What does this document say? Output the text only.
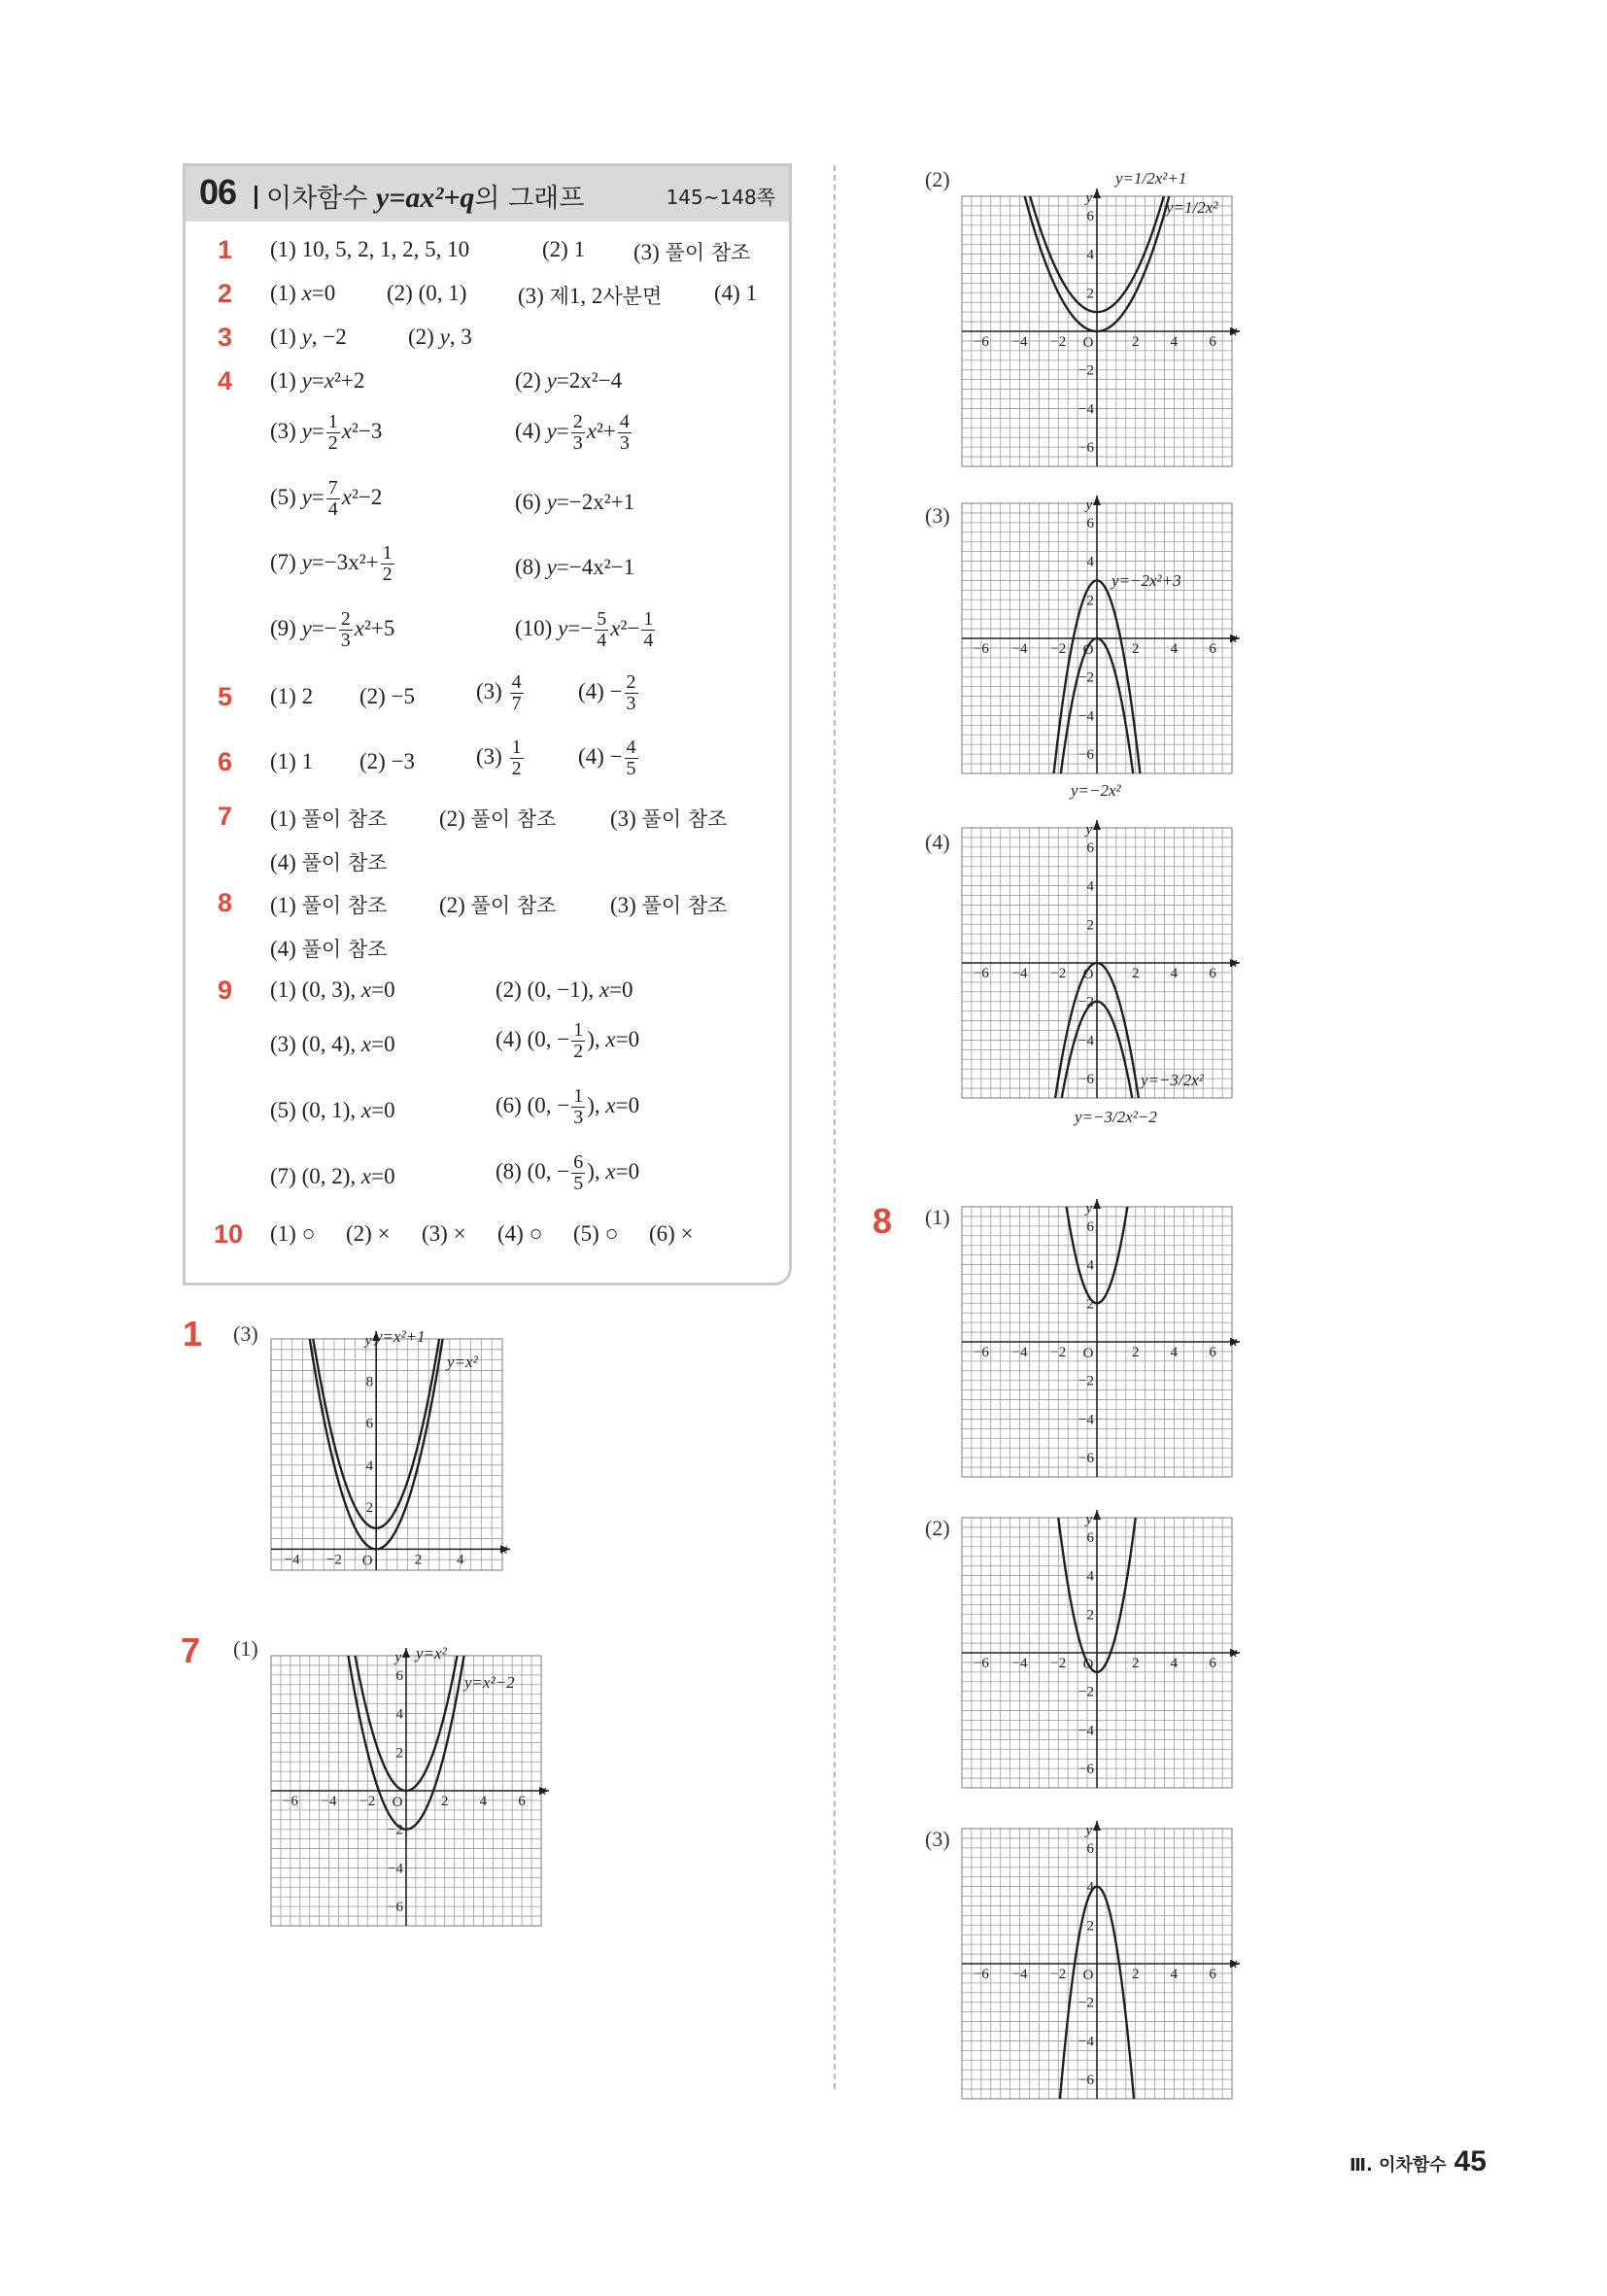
06 이차함수 y=ax²+q의 그래프	145~148쪽
1 (1) 10, 5, 2, 1, 2, 5, 10	(2) 1 (3) 풀이 참조
2 (1) x=0 (2) (0, 1) (3) 제1, 2사분면 (4) 1
3 (1) y, −2	(2) y, 3
4 (1) y=x²+2	(2) y=2x²−4
(3) $y= \frac{1}{2} x^2-3$	(4) $y= \frac{2}{3} x^2+ \frac{4}{3}$
(5) $y= \frac{7}{4} x^2-2$	(6) y=−2x²+1
(7) $y=-3x^2+ \frac{1}{2}$	(8) y=−4x²−1
(9) $y=- \frac{2}{3} x^2+5$	(10) $y=- \frac{5}{4} x^2- \frac{1}{4}$
5 (1) 2 (2) −5	$(3) \frac{4}{7} (4) - \frac{2}{3}$
6 (1) 1 (2) −3	$(3) \frac{1}{2} (4) - \frac{4}{5}$
7 (1) 풀이 참조 (2) 풀이 참조 (3) 풀이 참조
(4) 풀이 참조
8 (1) 풀이 참조 (2) 풀이 참조 (3) 풀이 참조
(4) 풀이 참조
9 (1) (0, 3), x=0	(2) (0, −1), x=0
(3) (0, 4), x=0	(4) (0, − $\frac{1}{2}$ ), x=0
(5) (0, 1), x=0	(6) (0, − $\frac{1}{3}$ ), x=0
(7) (0, 2), x=0	(8) (0, − $\frac{6}{5}$ ), x=0
10 (1) ○ (2) × (3) × (4) ○ (5) ○ (6) ×
1 (3)
−4 −2	2 4
8
6
4
2
O
x
y y=x²+1
y=x²
7 (1)
−6 −4 −2	2 4 6
6
4
2
−2
−4
−6
O
x
y y=x²
y=x²−2
(2)
−6 −4 −2	2 4 6
6
4
2
−2
−4
−6
O
x
y
y=1/2x²+1
y=1/2x²
(3)
−6 −4 −2	2 4 6
6
4
2
−2
−4
−6
O
x
y
y=−2x²+3
y=−2x²
(4)
−6 −4 −2	2 4 6
6
4
2
−2
−4
−6
O
x
y
y=−3/2x²
y=−3/2x²−2
8 (1)
−6 −4 −2	2 4 6
6
4
2
−2
−4
−6
O
x
y
(2)
−6 −4 −2	2 4 6
6
4
2
−2
−4
−6
O
x
y
(3)
−6 −4 −2	2 4 6
6
4
2
−2
−4
−6
O
x
y
Ⅲ. 이차함수 45
